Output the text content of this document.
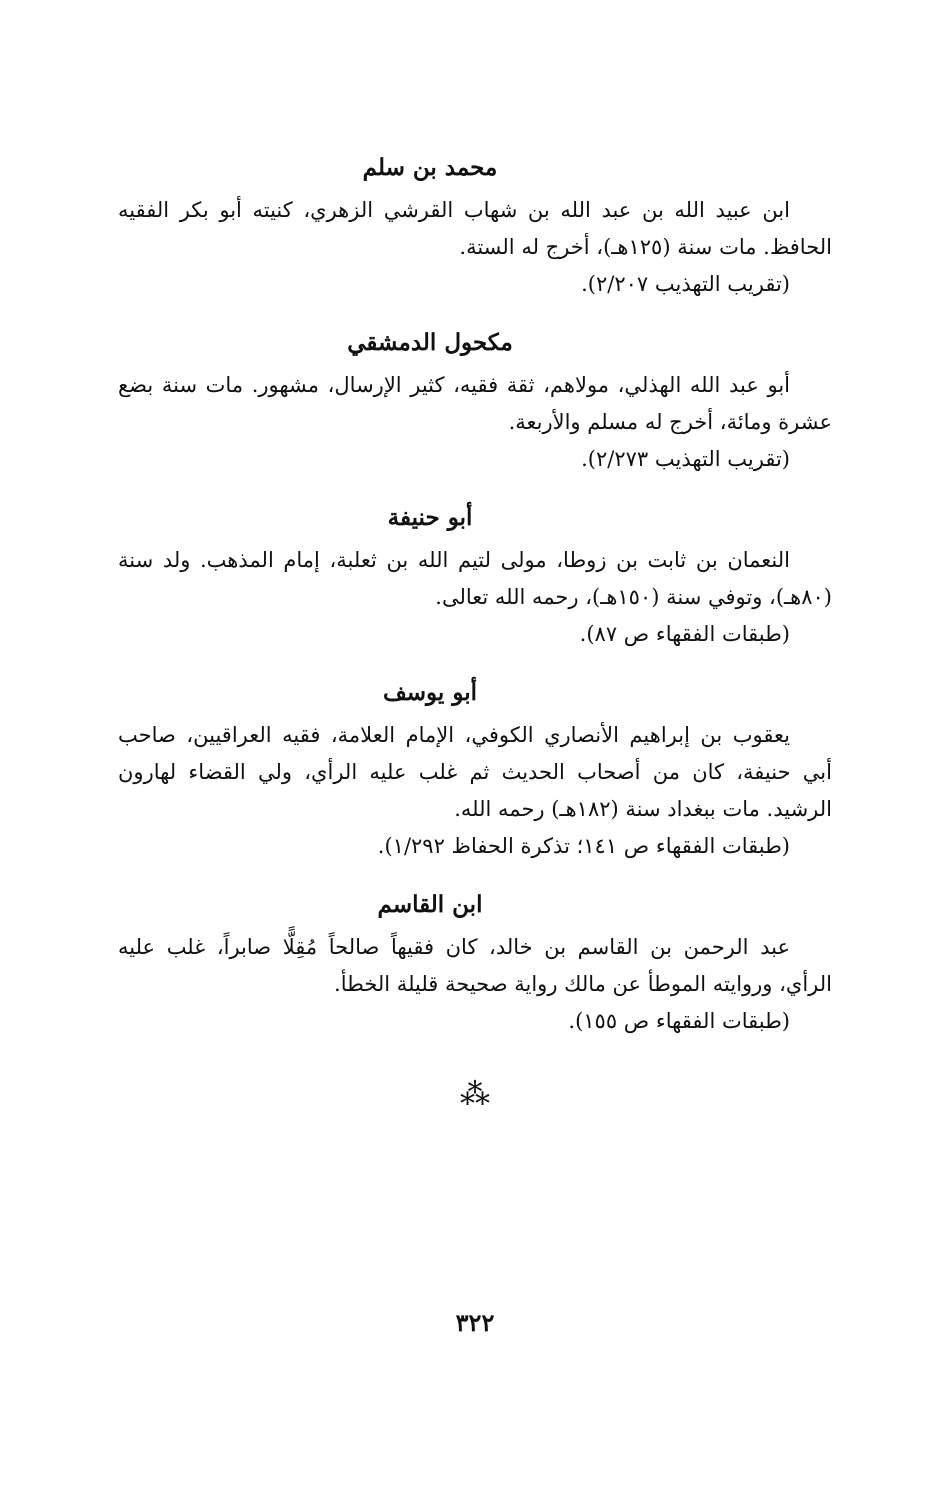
محمد بن سلم

ابن عبيد الله بن عبد الله بن شهاب القرشي الزهري، كنيته أبو بكر الفقيه الحافظ. مات سنة (١٢٥هـ)، أخرج له الستة.

(تقريب التهذيب ٢/٢٠٧).

مكحول الدمشقي

أبو عبد الله الهذلي، مولاهم، ثقة فقيه، كثير الإرسال، مشهور. مات سنة بضع عشرة ومائة، أخرج له مسلم والأربعة.

(تقريب التهذيب ٢/٢٧٣).

أبو حنيفة

النعمان بن ثابت بن زوطا، مولى لتيم الله بن ثعلبة، إمام المذهب. ولد سنة (٨٠هـ)، وتوفي سنة (١٥٠هـ)، رحمه الله تعالى.

(طبقات الفقهاء ص ٨٧).

أبو يوسف

يعقوب بن إبراهيم الأنصاري الكوفي، الإمام العلامة، فقيه العراقيين، صاحب أبي حنيفة، كان من أصحاب الحديث ثم غلب عليه الرأي، ولي القضاء لهارون الرشيد. مات ببغداد سنة (١٨٢هـ) رحمه الله.

(طبقات الفقهاء ص ١٤١؛ تذكرة الحفاظ ١/٢٩٢).

ابن القاسم

عبد الرحمن بن القاسم بن خالد، كان فقيهاً صالحاً مُقِلًّا صابراً، غلب عليه الرأي، وروايته الموطأ عن مالك رواية صحيحة قليلة الخطأ.

(طبقات الفقهاء ص ١٥٥).

⁂
٣٢٢
